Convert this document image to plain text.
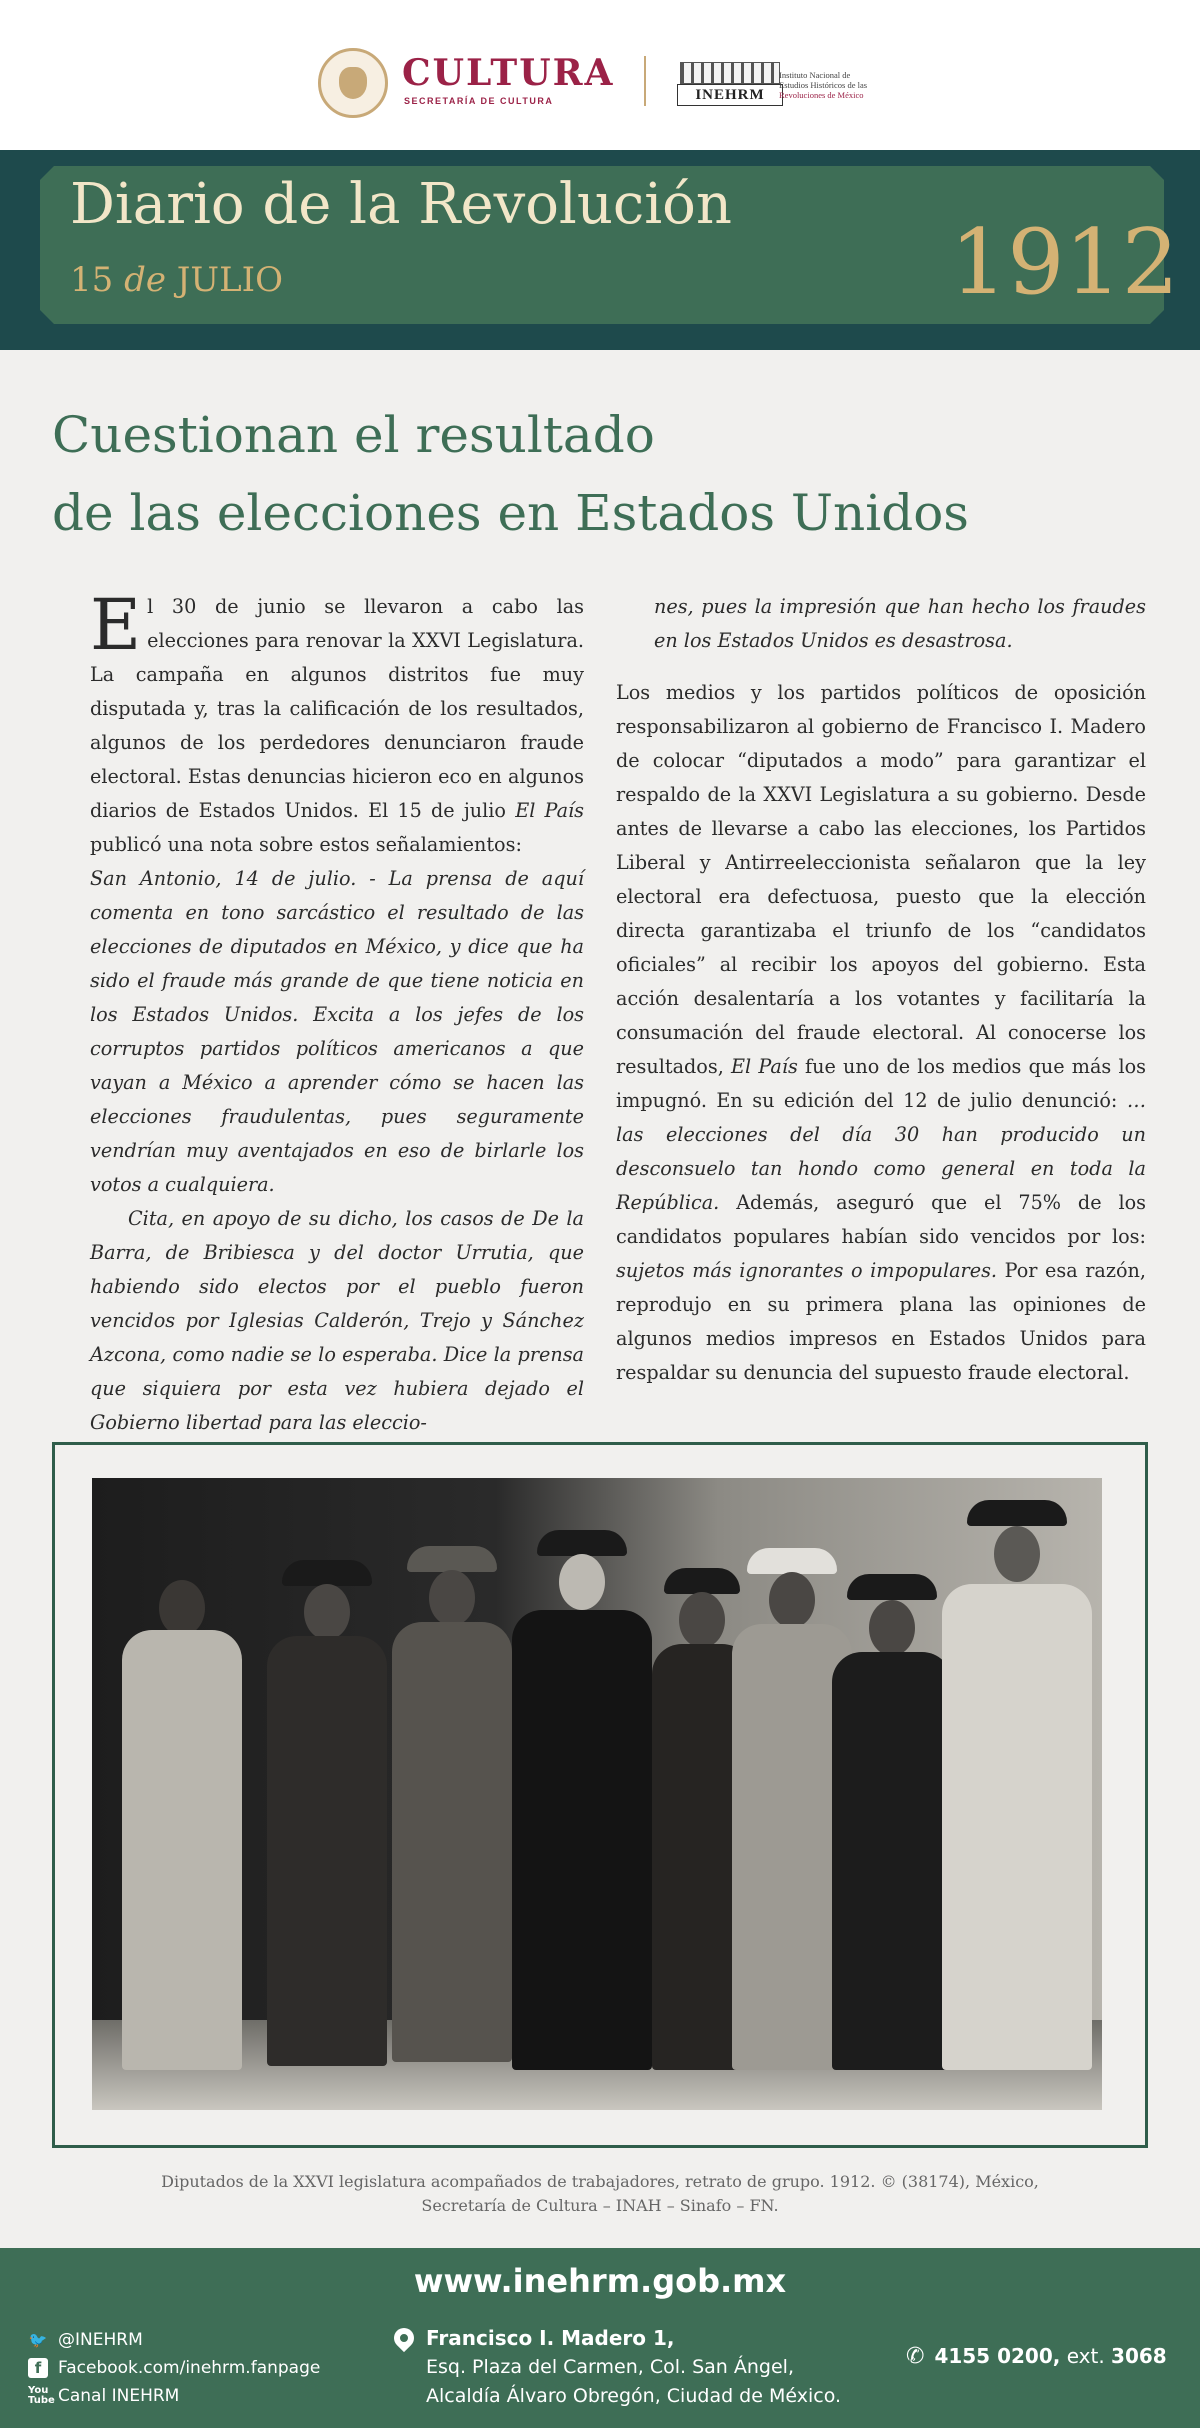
CULTURA
SECRETARÍA DE CULTURA	INEHRM
Instituto Nacional de
Estudios Históricos de las
Revoluciones de México
Diario de la Revolución
15 de JULIO	1912
Cuestionan el resultado
de las elecciones en Estados Unidos

El 30 de junio se llevaron a cabo las elecciones para renovar la XXVI Legislatura. La campaña en algunos distritos fue muy disputada y, tras la calificación de los resultados, algunos de los perdedores denunciaron fraude electoral. Estas denuncias hicieron eco en algunos diarios de Estados Unidos. El 15 de julio El País publicó una nota sobre estos señalamientos:

San Antonio, 14 de julio. - La prensa de aquí comenta en tono sarcástico el resultado de las elecciones de diputados en México, y dice que ha sido el fraude más grande de que tiene noticia en los Estados Unidos. Excita a los jefes de los corruptos partidos políticos americanos a que vayan a México a aprender cómo se hacen las elecciones fraudulentas, pues seguramente vendrían muy aventajados en eso de birlarle los votos a cualquiera.

Cita, en apoyo de su dicho, los casos de De la Barra, de Bribiesca y del doctor Urrutia, que habiendo sido electos por el pueblo fueron vencidos por Iglesias Calderón, Trejo y Sánchez Azcona, como nadie se lo esperaba. Dice la prensa que siquiera por esta vez hubiera dejado el Gobierno libertad para las eleccio-

nes, pues la impresión que han hecho los fraudes en los Estados Unidos es desastrosa.

Los medios y los partidos políticos de oposición responsabilizaron al gobierno de Francisco I. Madero de colocar “diputados a modo” para garantizar el respaldo de la XXVI Legislatura a su gobierno. Desde antes de llevarse a cabo las elecciones, los Partidos Liberal y Antirreeleccionista señalaron que la ley electoral era defectuosa, puesto que la elección directa garantizaba el triunfo de los “candidatos oficiales” al recibir los apoyos del gobierno. Esta acción desalentaría a los votantes y facilitaría la consumación del fraude electoral. Al conocerse los resultados, El País fue uno de los medios que más los impugnó. En su edición del 12 de julio denunció: … las elecciones del día 30 han producido un desconsuelo tan hondo como general en toda la República. Además, aseguró que el 75% de los candidatos populares habían sido vencidos por los: sujetos más ignorantes o impopulares. Por esa razón, reprodujo en su primera plana las opiniones de algunos medios impresos en Estados Unidos para respaldar su denuncia del supuesto fraude electoral.

Diputados de la XXVI legislatura acompañados de trabajadores, retrato de grupo. 1912. © (38174), México,
Secretaría de Cultura – INAH – Sinafo – FN.
www.inehrm.gob.mx
🐦 @INEHRM
f Facebook.com/inehrm.fanpage
You Tube Canal INEHRM
Francisco I. Madero 1,
Esq. Plaza del Carmen, Col. San Ángel,
Alcaldía Álvaro Obregón, Ciudad de México.
✆ 4155 0200, ext. 3068
